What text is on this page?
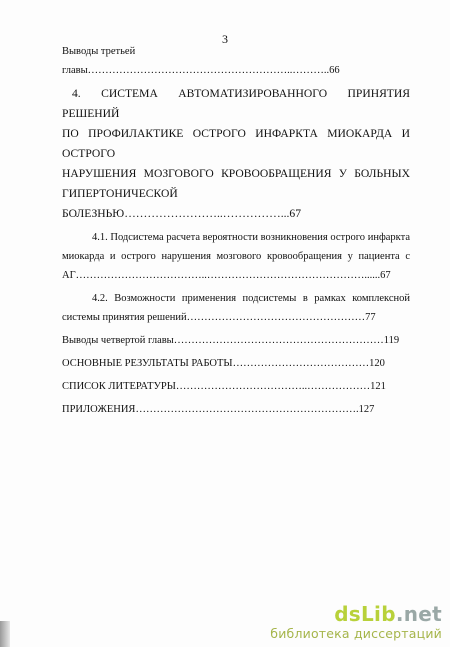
3
Выводы третьей главы…………………………………………………..………..66
4. СИСТЕМА АВТОМАТИЗИРОВАННОГО ПРИНЯТИЯ РЕШЕНИЙ
ПО ПРОФИЛАКТИКЕ ОСТРОГО ИНФАРКТА МИОКАРДА И ОСТРОГО
НАРУШЕНИЯ МОЗГОВОГО КРОВООБРАЩЕНИЯ У БОЛЬНЫХ
ГИПЕРТОНИЧЕСКОЙ БОЛЕЗНЬЮ……………………..……………...67
4.1. Подсистема расчета вероятности возникновения острого инфаркта
миокарда и острого нарушения мозгового кровообращения у пациента с
АГ………………………………..………………………………………......67
4.2. Возможности применения подсистемы в рамках комплексной
системы принятия решений……………………………………………77
Выводы четвертой главы……………………………………………………119
ОСНОВНЫЕ РЕЗУЛЬТАТЫ РАБОТЫ…………………………………120
СПИСОК ЛИТЕРАТУРЫ………………………………..………………121
ПРИЛОЖЕНИЯ……………………………………………………….127
dsLib.net
библиотека диссертаций
